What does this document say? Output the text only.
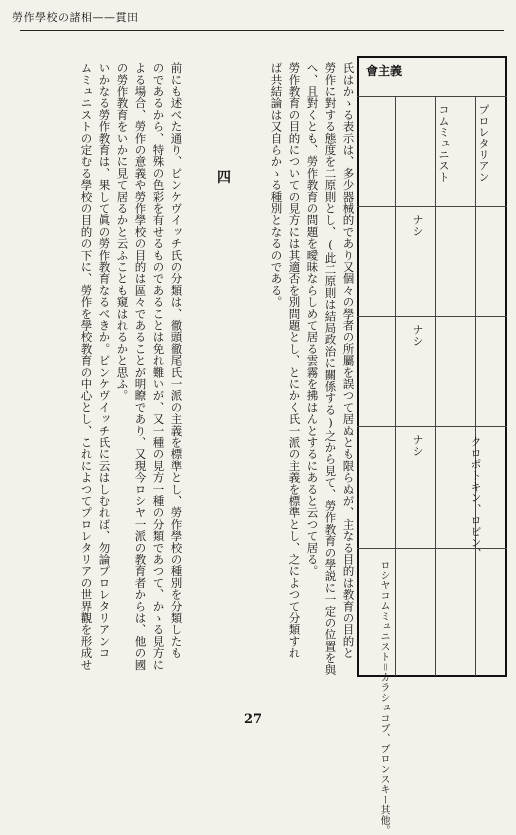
勞作學校の諸相——貫田
會主義
プロレタリアン
コムミュニスト
ナシ
ナシ
ナシ
ロシヤコムミュニスト＝カラシュコブ、ブロンスキー其他。
クロポトキン、ロビン、
氏はかゝる表示は、多少器械的であり又個々の學者の所屬を誤つて居ぬとも限らぬが、主なる目的は教育の目的と
勞作に對する態度を二原則とし、(此二原則は結局政治に關係する)之から見て、勞作教育の學説に一定の位置を與
へ、且對くとも、勞作教育の問題を曖昧ならしめて居る雲霧を拂はんとするにあると云つて居る。
勞作教育の目的についての見方には其適否を別問題とし、とにかく氏一派の主義を標準とし、之によつて分類すれ
ば共結論は又自らかゝる種別となるのである。
四
前にも述べた通り、ピンケヴイッチ氏の分類は、徹頭徹尾氏一派の主義を標準とし、勞作學校の種別を分類したも
のであるから、特殊の色彩を有せるものであることは免れ難いが、又一種の見方一種の分類であつて、かゝる見方に
よる場合、勞作の意義や勞作學校の目的は區々であることが明瞭であり、又現今ロシヤ一派の教育者からは、他の國
の勞作教育をいかに見て居るかと云ふことも窺はれるかと思ふ。
いかなる勞作教育は、果して眞の勞作教育なるべきか。ピンケヴイッチ氏に云はしむれば、勿論プロレタリアンコ
ムミュニストの定むる學校の目的の下に、勞作を學校教育の中心とし、これによつてプロレタリアの世界觀を形成せ
27
